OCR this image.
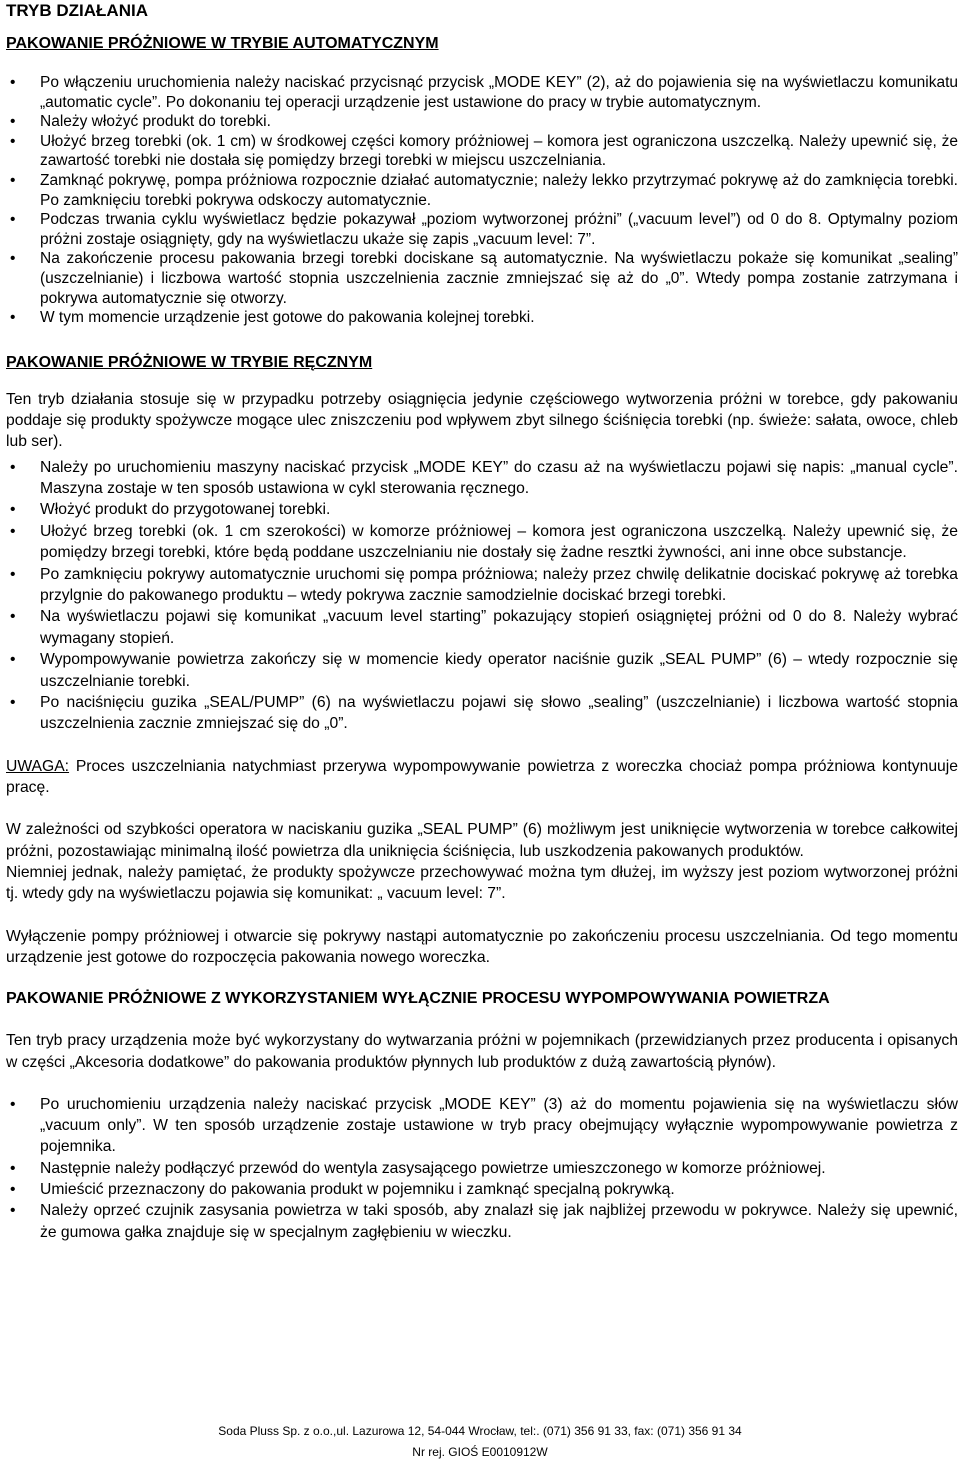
TRYB DZIAŁANIA
PAKOWANIE PRÓŻNIOWE W TRYBIE AUTOMATYCZNYM
• Po włączeniu uruchomienia należy naciskać przycisnąć przycisk „MODE KEY” (2), aż do pojawienia się na wyświetlaczu komunikatu „automatic cycle”. Po dokonaniu tej operacji urządzenie jest ustawione do pracy w trybie automatycznym.
• Należy włożyć produkt do torebki.
• Ułożyć brzeg torebki (ok. 1 cm) w środkowej części komory próżniowej – komora jest ograniczona uszczelką. Należy upewnić się, że zawartość torebki nie dostała się pomiędzy brzegi torebki w miejscu uszczelniania.
• Zamknąć pokrywę, pompa próżniowa rozpocznie działać automatycznie; należy lekko przytrzymać pokrywę aż do zamknięcia torebki. Po zamknięciu torebki pokrywa odskoczy automatycznie.
• Podczas trwania cyklu wyświetlacz będzie pokazywał „poziom wytworzonej próżni” („vacuum level”) od 0 do 8. Optymalny poziom próżni zostaje osiągnięty, gdy na wyświetlaczu ukaże się zapis „vacuum level: 7”.
• Na zakończenie procesu pakowania brzegi torebki dociskane są automatycznie. Na wyświetlaczu pokaże się komunikat „sealing” (uszczelnianie) i liczbowa wartość stopnia uszczelnienia zacznie zmniejszać się aż do „0”. Wtedy pompa zostanie zatrzymana i pokrywa automatycznie się otworzy.
• W tym momencie urządzenie jest gotowe do pakowania kolejnej torebki.
PAKOWANIE PRÓŻNIOWE W TRYBIE RĘCZNYM

Ten tryb działania stosuje się w przypadku potrzeby osiągnięcia jedynie częściowego wytworzenia próżni w torebce, gdy pakowaniu poddaje się produkty spożywcze mogące ulec zniszczeniu pod wpływem zbyt silnego ściśnięcia torebki (np. świeże: sałata, owoce, chleb lub ser).

• Należy po uruchomieniu maszyny naciskać przycisk „MODE KEY” do czasu aż na wyświetlaczu pojawi się napis: „manual cycle”. Maszyna zostaje w ten sposób ustawiona w cykl sterowania ręcznego.
• Włożyć produkt do przygotowanej torebki.
• Ułożyć brzeg torebki (ok. 1 cm szerokości) w komorze próżniowej – komora jest ograniczona uszczelką. Należy upewnić się, że pomiędzy brzegi torebki, które będą poddane uszczelnianiu nie dostały się żadne resztki żywności, ani inne obce substancje.
• Po zamknięciu pokrywy automatycznie uruchomi się pompa próżniowa; należy przez chwilę delikatnie dociskać pokrywę aż torebka przylgnie do pakowanego produktu – wtedy pokrywa zacznie samodzielnie dociskać brzegi torebki.
• Na wyświetlaczu pojawi się komunikat „vacuum level starting” pokazujący stopień osiągniętej próżni od 0 do 8. Należy wybrać wymagany stopień.
• Wypompowywanie powietrza zakończy się w momencie kiedy operator naciśnie guzik „SEAL PUMP” (6) – wtedy rozpocznie się uszczelnianie torebki.
• Po naciśnięciu guzika „SEAL/PUMP” (6) na wyświetlaczu pojawi się słowo „sealing” (uszczelnianie) i liczbowa wartość stopnia uszczelnienia zacznie zmniejszać się do „0”.

UWAGA: Proces uszczelniania natychmiast przerywa wypompowywanie powietrza z woreczka chociaż pompa próżniowa kontynuuje pracę.

W zależności od szybkości operatora w naciskaniu guzika „SEAL PUMP” (6) możliwym jest uniknięcie wytworzenia w torebce całkowitej próżni, pozostawiając minimalną ilość powietrza dla uniknięcia ściśnięcia, lub uszkodzenia pakowanych produktów.

Niemniej jednak, należy pamiętać, że produkty spożywcze przechowywać można tym dłużej, im wyższy jest poziom wytworzonej próżni tj. wtedy gdy na wyświetlaczu pojawia się komunikat: „ vacuum level: 7”.

Wyłączenie pompy próżniowej i otwarcie się pokrywy nastąpi automatycznie po zakończeniu procesu uszczelniania. Od tego momentu urządzenie jest gotowe do rozpoczęcia pakowania nowego woreczka.

PAKOWANIE PRÓŻNIOWE Z WYKORZYSTANIEM WYŁĄCZNIE PROCESU WYPOMPOWYWANIA POWIETRZA

Ten tryb pracy urządzenia może być wykorzystany do wytwarzania próżni w pojemnikach (przewidzianych przez producenta i opisanych w części „Akcesoria dodatkowe” do pakowania produktów płynnych lub produktów z dużą zawartością płynów).

• Po uruchomieniu urządzenia należy naciskać przycisk „MODE KEY” (3) aż do momentu pojawienia się na wyświetlaczu słów „vacuum only”. W ten sposób urządzenie zostaje ustawione w tryb pracy obejmujący wyłącznie wypompowywanie powietrza z pojemnika.
• Następnie należy podłączyć przewód do wentyla zasysającego powietrze umieszczonego w komorze próżniowej.
• Umieścić przeznaczony do pakowania produkt w pojemniku i zamknąć specjalną pokrywką.
• Należy oprzeć czujnik zasysania powietrza w taki sposób, aby znalazł się jak najbliżej przewodu w pokrywce. Należy się upewnić, że gumowa gałka znajduje się w specjalnym zagłębieniu w wieczku.
Soda Pluss Sp. z o.o.,ul. Lazurowa 12, 54-044 Wrocław, tel:. (071) 356 91 33, fax: (071) 356 91 34
Nr rej. GIOŚ E0010912W
